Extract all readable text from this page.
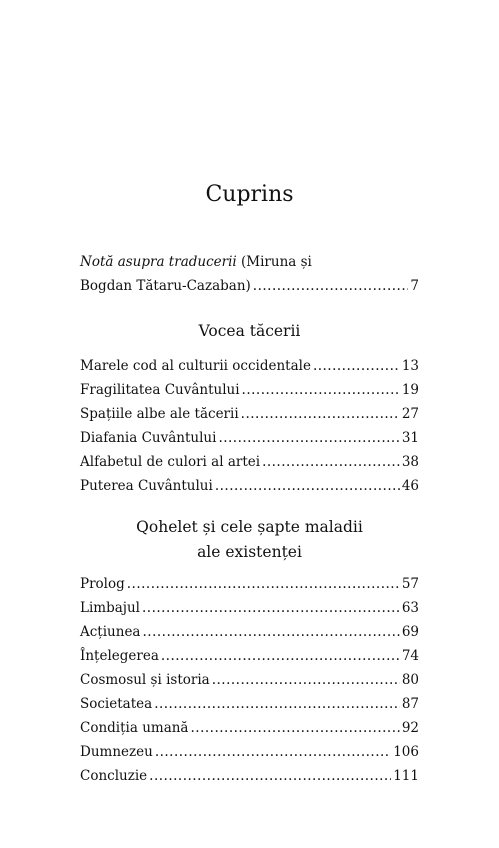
Cuprins
Notă asupra traducerii (Miruna și
Bogdan Tătaru-Cazaban) .....	7
Vocea tăcerii
Marele cod al culturii occidentale .....	13
Fragilitatea Cuvântului .....	19
Spațiile albe ale tăcerii .....	27
Diafania Cuvântului .....	31
Alfabetul de culori al artei .....	38
Puterea Cuvântului .....	46
Qohelet și cele șapte maladii
ale existenței
Prolog .....	57
Limbajul .....	63
Acțiunea .....	69
Înțelegerea .....	74
Cosmosul și istoria .....	80
Societatea .....	87
Condiția umană .....	92
Dumnezeu .....	106
Concluzie .....	111
